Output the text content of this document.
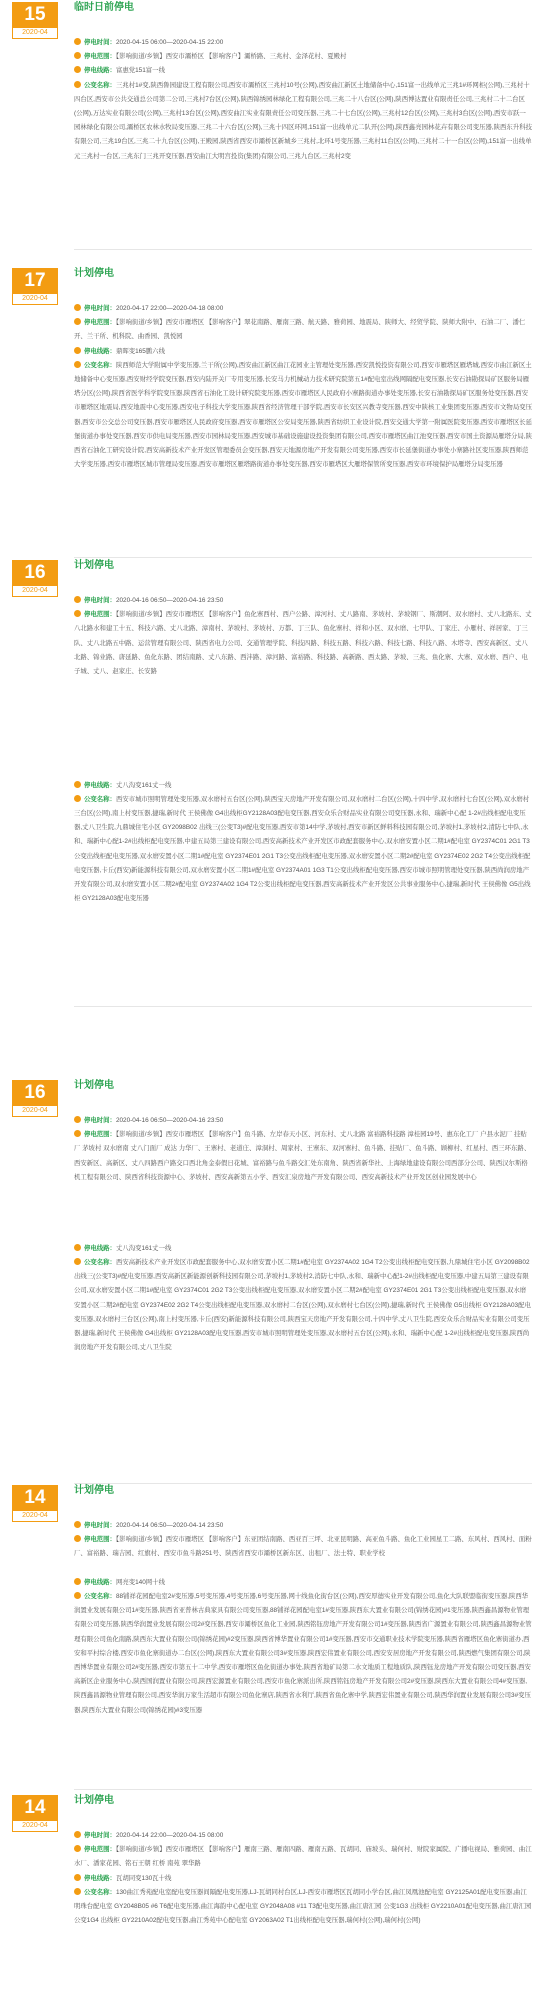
15
2020-04
临时日前停电
停电时间：2020-04-15 06:00—2020-04-15 22:00
停电范围：【影响街道/乡镇】西安市灞桥区 【影响客户】灞桥路、三兆村、金泽花村、夏殿村
停电线路：富惠党151富一线
公变名称：三兆村1#变,陕西鲁园建设工程有限公司,西安市灞桥区三兆村10号(公网),西安曲江新区土地储备中心,151富一出线单元三兆1#环网柜(公网),三兆村十四台区,西安市公共交通总公司第二公司,三兆村7台区(公网),陕西锦绣园林绿化工程有限公司,三兆二十八台区(公网),陕西博达置业有限责任公司,三兆村二十二台区(公网),万达实业有限公司(公网),三兆村13台区(公网),西安曲江实业有限责任公司变压器,三兆二十七台区(公网),三兆村12台区(公网),三兆村3台区(公网),西安市跃一园林绿化有限公司,灞桥区农林水牧局变压器,三兆二十六台区(公网),三兆十四区环网,151富一出线单元二队开(公网),陕西鑫亮园林花卉有限公司变压器,陕西东升科技有限公司,三兆19台区,三兆二十九台区(公网),王殿园,陕西省西安市灞桥区新城乡三兆村,北环1号变压器,三兆村11台区(公网),三兆村二十一台区(公网),151富一出线单元三兆村一台区,三兆东门三兆开变压器,西安曲江大明宫投资(集团)有限公司,三兆九台区,三兆村2变
17
2020-04
计划停电
停电时间：2020-04-17 22:00—2020-04-18 08:00
停电范围：【影响街道/乡镇】西安市雁塔区 【影响客户】翠花南路、雁南三路、航天路、雅荷园、地震局、陕师大、经贸学院、陕师大附中、石油二厂、潘仁开、兰干所、机科院、曲香园、凯悦园
停电线路：鼎晖变165鹏六线
公变名称：陕西师范大学附属中学变压器,兰干所(公网),西安曲江新区曲江花园业主管理处变压器,西安凯悦投资有限公司,西安市雁塔区雁塔城,西安市曲江新区土地储备中心变压器,西安财经学院变压器,西安内陆开关厂专用变压器,长安马力机械动力技术研究院第五1#配电室出线网隔配电变压器,长安石油勘探局矿区服务局雁塔分区(公网),陕西省医学科学院变压器,陕西省石油化工设计研究院变压器,西安市雁塔区人民政府小寨路街道办事处变压器,长安石油勘探局矿区服务处变压器,西安市雁塔区地震局,西安地震中心变压器,西安电子科技大学变压器,陕西省经济管理干部学院,西安市长安区兴教寺变压器,西安中陕核工业集团变压器,西安市文物局变压器,西安市公交总公司变压器,西安市雁塔区人民政府变压器,西安市雁塔区公安局变压器,陕西省纺织工业设计院,西安交通大学第一附属医院变压器,西安市雁塔区长延堡街道办事处变压器,西安市供电局变压器,西安市园林局变压器,西安城市基础设施建设投资集团有限公司,西安市雁塔区曲江池变压器,西安市国土资源局雁塔分局,陕西省石油化工研究设计院,西安高新技术产业开发区管理委员会变压器,西安天地源房地产开发有限公司变压器,西安市长延堡街道办事处小寨路社区变压器,陕西师范大学变压器,西安市雁塔区城市管理局变压器,西安市雁塔区雁塔路街道办事处变压器,西安市雁塔区大雁塔保管所变压器,西安市环境保护局雁塔分局变压器
16
2020-04
计划停电
停电时间：2020-04-16 06:50—2020-04-16 23:50
停电范围：【影响街道/乡镇】西安市雁塔区 【影响客户】鱼化寨西村、西户公路、漳河村、丈八路南、茅坡村、茅坡钢厂、斯潮阿、双水磨村、丈八北路东、丈八北路水和建工十五、科技六路、丈八北路、漳南村、茅坡村、茅坡村、万都、丁三队、鱼化寨村、祥和小区、双水磨、七甲队、丁家庄、小雁村、祥居家、丁三队、丈八北路五中路、运营管理有限公司、陕西省电力公司、交通管理学院、科技四路、科技五路、科技六路、科技七路、科技八路、木塔寺、西安高新区、丈八北路、锦业路、唐延路、鱼化东路、团结南路、丈八东路、西沣路、漳河路、富裕路、科技路、高新路、西太路、茅坡、三兆、鱼化寨、大寨、双水磨、西户、电子城、丈八、赵家庄、长安路
停电线路：丈八沟变161丈一线
公变名称：西安市城市照明管理处变压器,双水磨村五台区(公网),陕西宝天房地产开发有限公司,双水磨村二台区(公网),十四中学,双水磨村七台区(公网),双水磨村三台区(公网),南上村变压器,捷瑞,新时代 王侯佛像 G4出线柜GY2128A03配电变压器,西安众乐合财品实业有限公司变压器,永和、瑞新中心配 1-2#出线柜配电变压器,丈八卫生院,九鼎城住宅小区 GY2098B02 出线三(公变T3)#配电变压器,西安市第14中学,茅坡村,西安市新区鲜料科技园有限公司,茅坡村1,茅坡村2,清防七中队,永和、瑞新中心配1-2#出线柜配电变压器,中建五局第三建设有限公司,西安高新技术产业开发区市政配套服务中心,双水磨安置小区二期1#配电室 GY2374C01 2G1 T3公变出线柜配电变压器,双水磨安置小区二期1#配电室 GY2374E01 2G1 T3公变出线柜配电变压器,双水磨安置小区二期2#配电室 GY2374E02 2G2 T4公变出线柜配电变压器,卡丘(西安)新能源科技有限公司,双水磨安置小区二期1#配电室 GY2374A01 1G3 T1公变出线柜配电变压器,西安市城市照明管理处变压器,陕西尚润房地产开发有限公司,双水磨安置小区二期2#配电室 GY2374A02 1G4 T2公变出线柜配电变压器,西安高新技术产业开发区公共事业服务中心,捷瑞,新时代 王侯佛像 G5出线柜 GY2128A03配电变压器
16
2020-04
计划停电
停电时间：2020-04-16 06:50—2020-04-16 23:50
停电范围：【影响街道/乡镇】西安市雁塔区 【影响客户】鱼斗路、左岸春天小区、河东村、丈八北路 富裕路科技路 漳桂园19号、惠东化工厂 户县水泥厂 挂贴厂 茅坡村 双水磨南 丈八门面厂 成达 力华厂、王寨村、老道庄、漳洞村、周家村、王寨东、双河寨村、鱼斗路、挂贴厂、鱼斗路、顾柳村、红星村、西三环东路、西安新区、高新区、丈八四路西户路交口西北角金泰假日花城、富裕路与鱼斗路交汇处东南角、陕西省新华社、上海绿地建设有限公司西部分公司、陕西汉尔斯格机工程有限公司、陕西省科技资源中心、茅坡村、西安高新第五小学、西安汇泉房地产开发有限公司、西安高新技术产业开发区创业园发展中心
停电线路：丈八沟变161丈一线
公变名称：西安高新技术产业开发区市政配套服务中心,双水磨安置小区二期1#配电室 GY2374A02 1G4 T2公变出线柜配电变压器,九鼎城住宅小区 GY2098B02 出线三(公变T3)#配电变压器,西安高新区新能源创新科技园有限公司,茅坡村1,茅坡村2,消防七中队,永和、瑞新中心配1-2#出线柜配电变压器,中建五局第三建设有限公司,双水磨安置小区二期1#配电室 GY2374C01 2G2 T3公变出线柜配电变压器,双水磨安置小区二期2#配电室 GY2374E01 2G1 T3公变出线柜配电变压器,双水磨安置小区二期2#配电室 GY2374E02 2G2 T4公变出线柜配电变压器,双水磨村二台区(公网),双水磨村七台区(公网),捷瑞,新时代 王侯佛像 G5出线柜 GY2128A03配电变压器,双水磨村三台区(公网),南上村变压器,卡丘(西安)新能源科技有限公司,陕西宝天房地产开发有限公司,十四中学,丈八卫生院,西安众乐合财品实业有限公司变压器,捷瑞,新时代 王侯佛像 G4出线柜 GY2128A03配电变压器,西安市城市照明管理处变压器,双水磨村五台区(公网),永和、瑞新中心配 1-2#出线柜配电变压器,陕西尚润房地产开发有限公司,丈八卫生院
14
2020-04
计划停电
停电时间：2020-04-14 06:50—2020-04-14 23:50
停电范围：【影响街道/乡镇】西安市雁塔区 【影响客户】东亚团结南路、西亚百三坪、北亚昆明路、高亚鱼斗路、鱼化工业园星工二路、东风村、西风村、面粉厂、富裕路、瑞吉园、红旗村、西安市鱼斗路251号、陕西省西安市灞桥区新东区、出租厂、法士特、职业学校
停电线路：网亮变140网十线
公变名称：88铺祥花园配电室2#变压器,5号变压器,4号变压器,6号变压器,网十线鱼化街台区(公网),西安厚德实业开发有限公司,鱼化大队联盟临街变压器,陕西华润置业发展有限公司1#变压器,陕西省亚普林古典家具有限公司变压器,88铺祥花园配电室1#变压器,陕西东大置业有限公司(锦绣花园)#1变压器,陕西鑫昌源物业管理有限公司变压器,陕西华润置业发展有限公司2#变压器,西安市灞桥区鱼化工业园,陕西铭钰房地产开发有限公司1#变压器,陕西省广源置业有限公司,陕西鑫昌源物业管理有限公司鱼化南路,陕西东大置业有限公司(锦绣花园)#2变压器,陕西省博华置业有限公司1#变压器,西安市交通职业技术学院变压器,陕西省雁塔区鱼化寨街道办,西安和平村综合楼,西安市鱼化寨街道办二台区(公网),陕西东大置业有限公司3#变压器,陕西宏伟置业有限公司,西安安居房地产开发有限公司,陕西燃气集团有限公司,陕西博华置业有限公司2#变压器,西安市第五十二中学,西安市雁塔区鱼化街道办事处,陕西省地矿局第二水文地质工程地质队,陕西钰龙房地产开发有限公司变压器,西安高新区企业服务中心,陕西国润置业有限公司,陕西宏源置业有限公司,西安市鱼化寨派出所,陕西铭钰房地产开发有限公司2#变压器,陕西东大置业有限公司4#变压器,陕西鑫昌源物业管理有限公司,西安华润万家生活超市有限公司鱼化寨店,陕西省水利厅,陕西省鱼化寨中学,陕西宏伟置业有限公司,陕西华润置业发展有限公司3#变压器,陕西东大置业有限公司(锦绣花园)#3变压器
14
2020-04
计划停电
停电时间：2020-04-14 22:00—2020-04-15 08:00
停电范围：【影响街道/乡镇】西安市雁塔区 【影响客户】雁南三路、雁南四路、雁南五路、瓦胡同、庙坡头、瑞何村、财院家属院、广播电视局、雅荷园、曲江水厂、潘家花园、铭石王朝 红桥 南苑 翠华路
停电线路：瓦胡同变130瓦十线
公变名称：130曲江秀苑配电室配电变压器间隔配电变压器,LJ-瓦胡同村台区,LJ-西安市雁塔区瓦胡同小学台区,曲江凤凰池配电室 GY2125A01配电变压器,曲江明珠台配电室 GY2048B05 #6 T6配电变压器,曲江海韵中心配电室 GY2048A08 #11 T3配电变压器,曲江唐汇园 公变1G3 出线柜 GY2210A01配电变压器,曲江唐汇园 公变1G4 出线柜 GY2210A02配电变压器,曲江秀苑中心配电室 GY2063A02 T1出线柜配电变压器,瑞何村(公网),瑞何村(公网)
